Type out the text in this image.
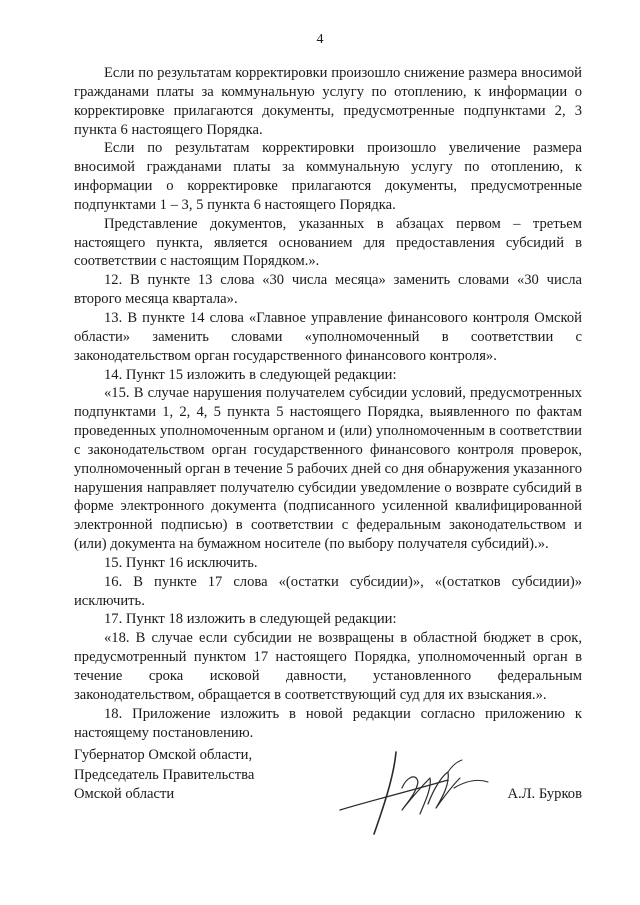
4

Если по результатам корректировки произошло снижение размера вносимой гражданами платы за коммунальную услугу по отоплению, к информации о корректировке прилагаются документы, предусмотренные подпунктами 2, 3 пункта 6 настоящего Порядка.

Если по результатам корректировки произошло увеличение размера вносимой гражданами платы за коммунальную услугу по отоплению, к информации о корректировке прилагаются документы, предусмотренные подпунктами 1 – 3, 5 пункта 6 настоящего Порядка.

Представление документов, указанных в абзацах первом – третьем настоящего пункта, является основанием для предоставления субсидий в соответствии с настоящим Порядком.».

12. В пункте 13 слова «30 числа месяца» заменить словами «30 числа второго месяца квартала».

13. В пункте 14 слова «Главное управление финансового контроля Омской области» заменить словами «уполномоченный в соответствии с законодательством орган государственного финансового контроля».

14. Пункт 15 изложить в следующей редакции:

«15. В случае нарушения получателем субсидии условий, предусмотренных подпунктами 1, 2, 4, 5 пункта 5 настоящего Порядка, выявленного по фактам проведенных уполномоченным органом и (или) уполномоченным в соответствии с законодательством орган государственного финансового контроля проверок, уполномоченный орган в течение 5 рабочих дней со дня обнаружения указанного нарушения направляет получателю субсидии уведомление о возврате субсидий в форме электронного документа (подписанного усиленной квалифицированной электронной подписью) в соответствии с федеральным законодательством и (или) документа на бумажном носителе (по выбору получателя субсидий).».

15. Пункт 16 исключить.

16. В пункте 17 слова «(остатки субсидии)», «(остатков субсидии)» исключить.

17. Пункт 18 изложить в следующей редакции:

«18. В случае если субсидии не возвращены в областной бюджет в срок, предусмотренный пунктом 17 настоящего Порядка, уполномоченный орган в течение срока исковой давности, установленного федеральным законодательством, обращается в соответствующий суд для их взыскания.».

18. Приложение изложить в новой редакции согласно приложению к настоящему постановлению.

Губернатор Омской области,
Председатель Правительства
Омской области	А.Л. Бурков
